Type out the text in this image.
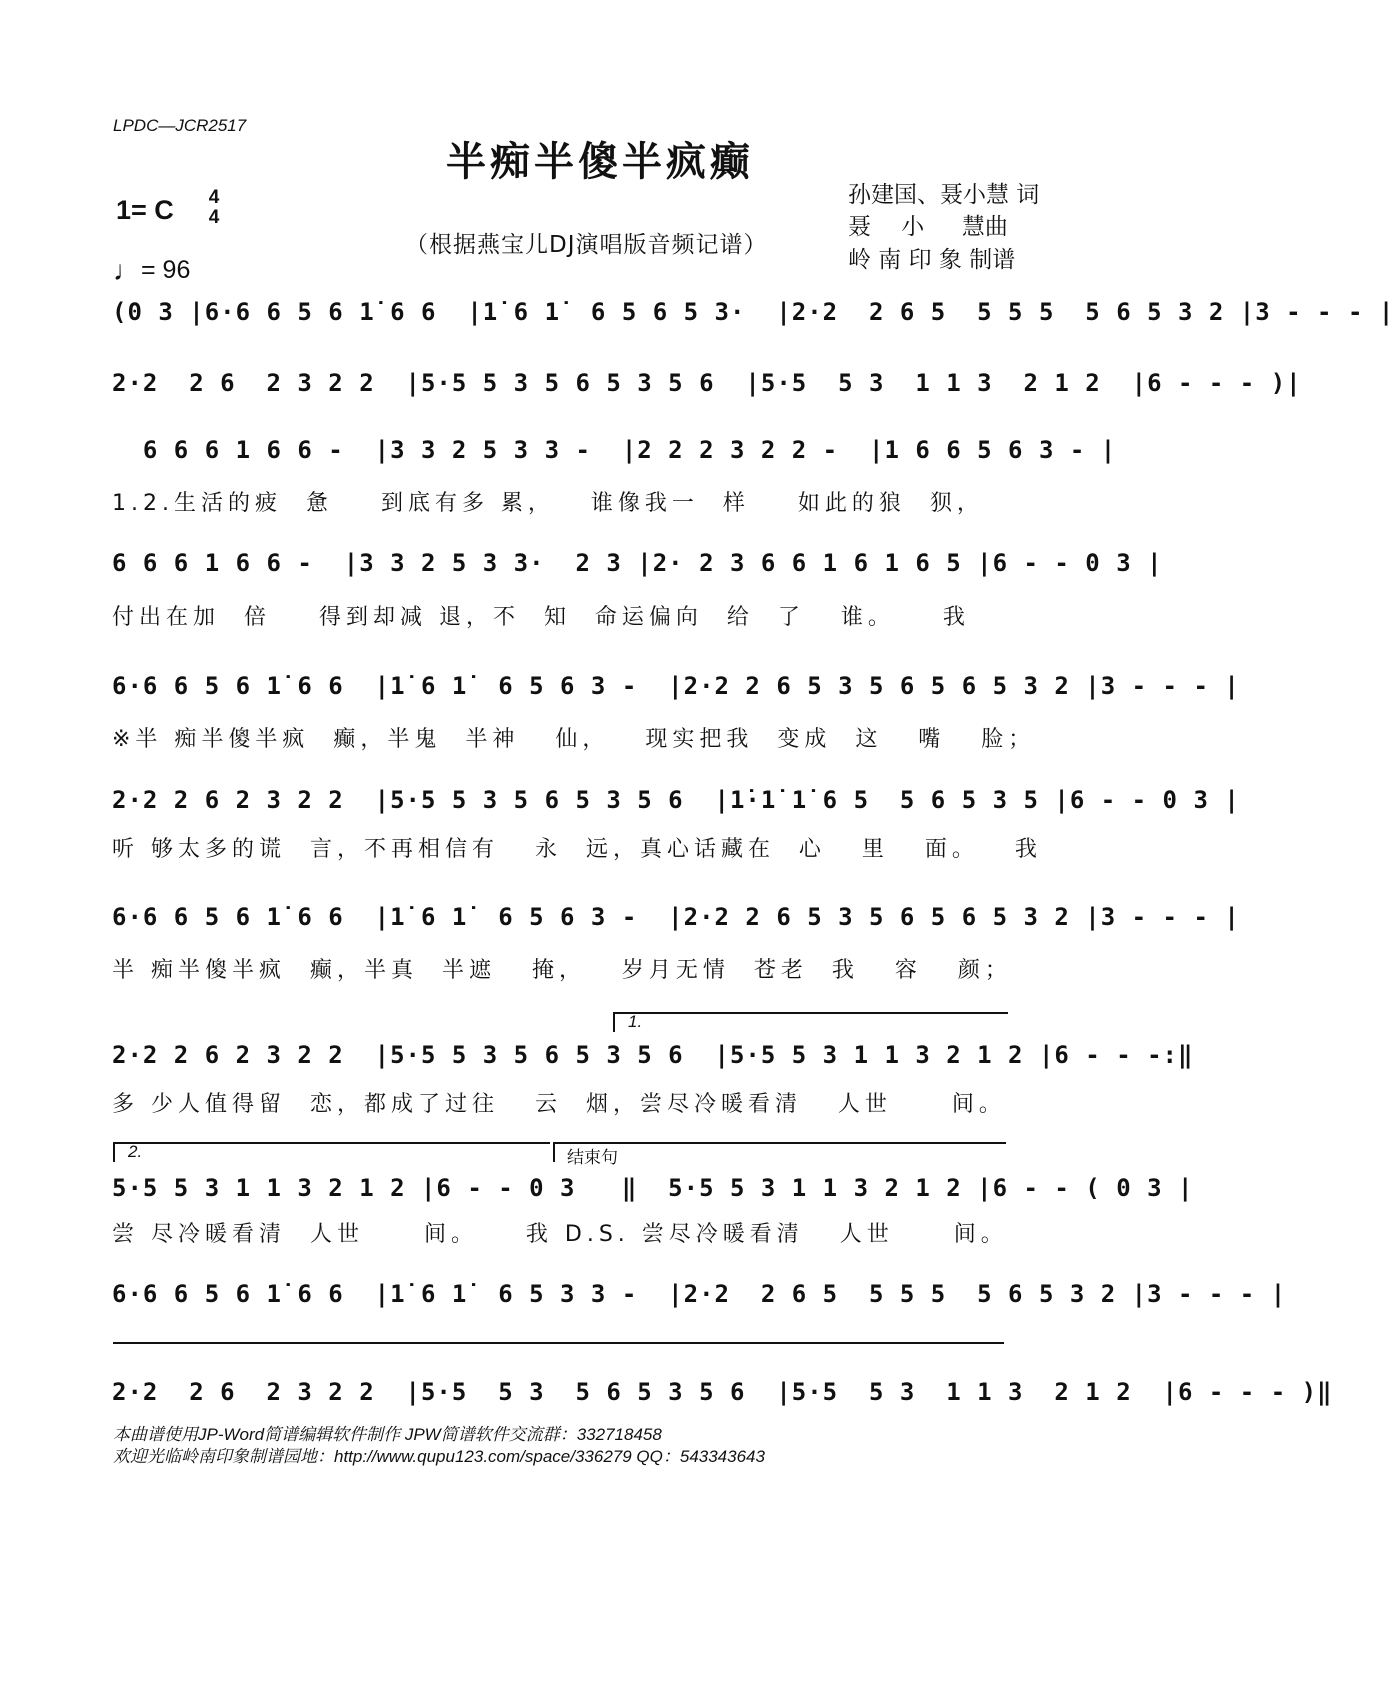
LPDC—JCR2517
半痴半傻半疯癫
1= C	4
4
♩= 96
（根据燕宝儿DJ演唱版音频记谱）
孙建国、聂小慧 词
聂　 小 　 慧曲
岭 南 印 象 制谱
(0 3 |6·6 6 5 6 1̇ 6 6  |1̇ 6 1̇  6 5 6 5 3·  |2·2  2 6 5  5 5 5  5 6 5 3 2 |3 - - - |
2·2  2 6  2 3 2 2  |5·5 5 3 5 6 5 3 5 6  |5·5  5 3  1 1 3  2 1 2  |6 - - - )|
6 6 6 1 6 6 -  |3 3 2 5 3 3 -  |2 2 2 3 2 2 -  |1 6 6 5 6 3 - |
1.2.生活的疲  惫    到底有多 累，   谁像我一  样    如此的狼  狈，
6 6 6 1 6 6 -  |3 3 2 5 3 3·  2 3 |2· 2 3 6 6 1 6 1 6 5 |6 - - 0 3 |
付出在加  倍    得到却减 退，不  知  命运偏向  给  了   谁。    我
6·6 6 5 6 1̇ 6 6  |1̇ 6 1̇  6 5 6 3 -  |2·2 2 6 5 3 5 6 5 6 5 3 2 |3 - - - |
※半 痴半傻半疯  癫，半鬼  半神   仙，   现实把我  变成  这   嘴   脸；
2·2 2 6 2 3 2 2  |5·5 5 3 5 6 5 3 5 6  |1̇·1̇ 1̇ 6 5  5 6 5 3 5 |6 - - 0 3 |
听 够太多的谎  言，不再相信有   永  远，真心话藏在  心   里   面。   我
6·6 6 5 6 1̇ 6 6  |1̇ 6 1̇  6 5 6 3 -  |2·2 2 6 5 3 5 6 5 6 5 3 2 |3 - - - |
半 痴半傻半疯  癫，半真  半遮   掩，   岁月无情  苍老  我   容   颜；
1.
2·2 2 6 2 3 2 2  |5·5 5 3 5 6 5 3 5 6  |5·5 5 3 1 1 3 2 1 2 |6 - - -:‖
多 少人值得留  恋，都成了过往   云  烟，尝尽冷暖看清   人世     间。
2.	结束句
5·5 5 3 1 1 3 2 1 2 |6 - - 0 3   ‖  5·5 5 3 1 1 3 2 1 2 |6 - - ( 0 3 |
尝 尽冷暖看清  人世     间。    我 D.S. 尝尽冷暖看清   人世     间。
6·6 6 5 6 1̇ 6 6  |1̇ 6 1̇  6 5 3 3 -  |2·2  2 6 5  5 5 5  5 6 5 3 2 |3 - - - |
2·2  2 6  2 3 2 2  |5·5  5 3  5 6 5 3 5 6  |5·5  5 3  1 1 3  2 1 2  |6 - - - )‖
本曲谱使用JP-Word简谱编辑软件制作 JPW简谱软件交流群：332718458
欢迎光临岭南印象制谱园地：http://www.qupu123.com/space/336279 QQ：543343643
